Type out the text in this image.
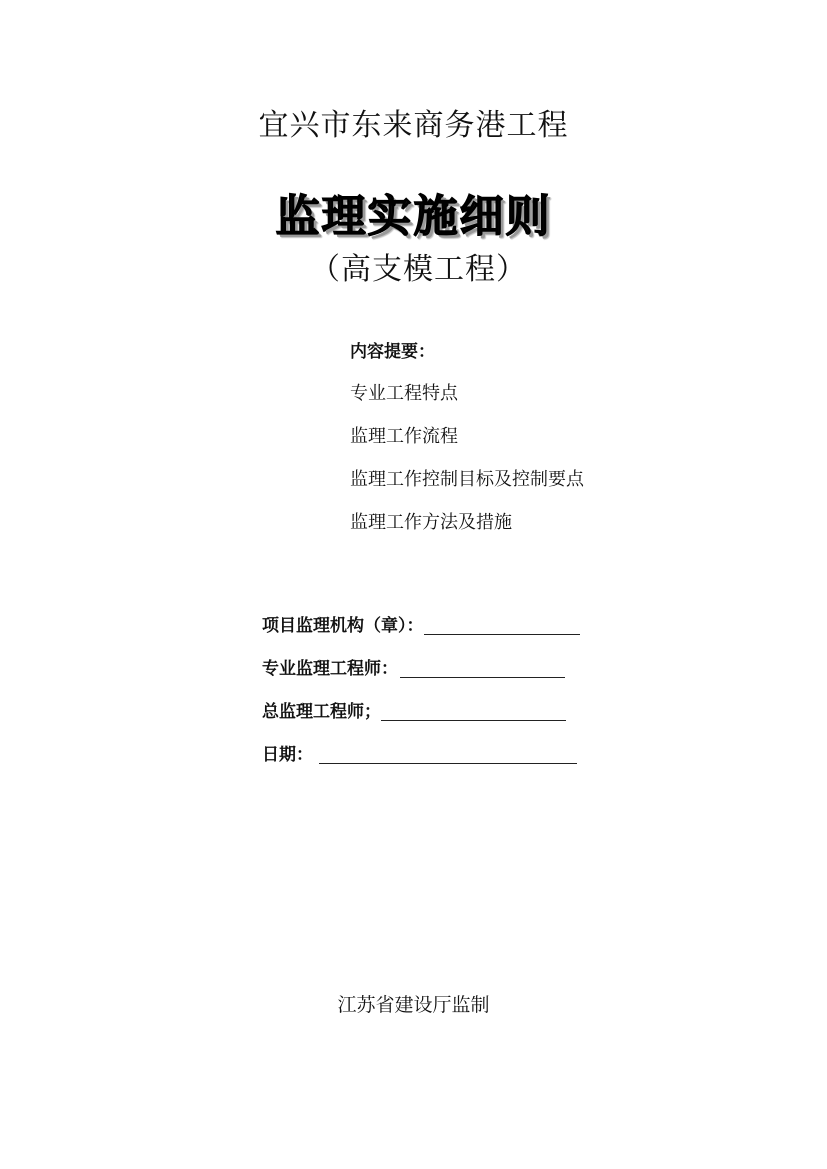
宜兴市东来商务港工程
监理实施细则
（高支模工程）
内容提要：
专业工程特点
监理工作流程
监理工作控制目标及控制要点
监理工作方法及措施
项目监理机构（章）：
专业监理工程师：
总监理工程师；
日期：
江苏省建设厅监制
